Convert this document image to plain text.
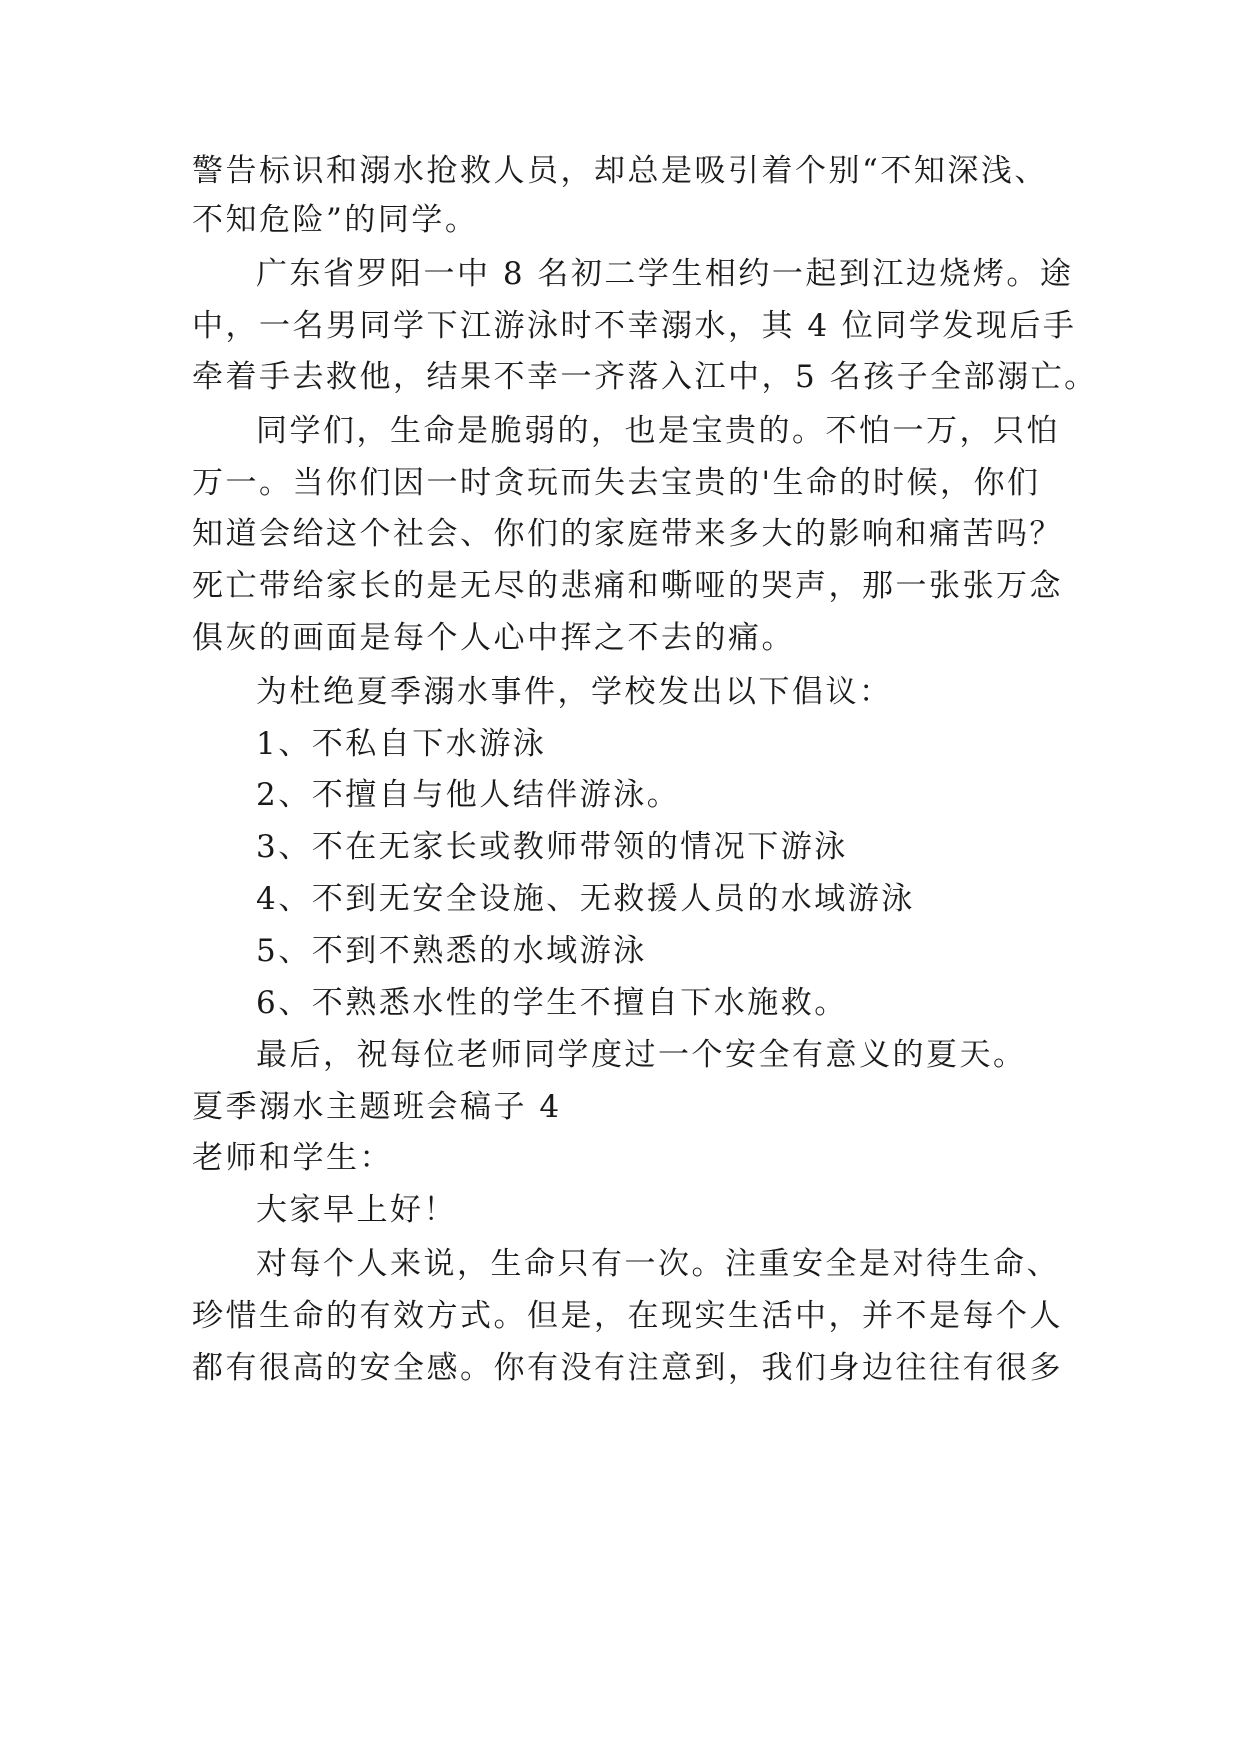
警告标识和溺水抢救人员，却总是吸引着个别“不知深浅、
不知危险”的同学。
广东省罗阳一中 8 名初二学生相约一起到江边烧烤。途
中，一名男同学下江游泳时不幸溺水，其 4 位同学发现后手
牵着手去救他，结果不幸一齐落入江中，5 名孩子全部溺亡。
同学们，生命是脆弱的，也是宝贵的。不怕一万，只怕
万一。当你们因一时贪玩而失去宝贵的'生命的时候，你们
知道会给这个社会、你们的家庭带来多大的影响和痛苦吗？
死亡带给家长的是无尽的悲痛和嘶哑的哭声，那一张张万念
俱灰的画面是每个人心中挥之不去的痛。
为杜绝夏季溺水事件，学校发出以下倡议：
1、不私自下水游泳
2、不擅自与他人结伴游泳。
3、不在无家长或教师带领的情况下游泳
4、不到无安全设施、无救援人员的水域游泳
5、不到不熟悉的水域游泳
6、不熟悉水性的学生不擅自下水施救。
最后，祝每位老师同学度过一个安全有意义的夏天。
夏季溺水主题班会稿子 4
老师和学生：
大家早上好！
对每个人来说，生命只有一次。注重安全是对待生命、
珍惜生命的有效方式。但是，在现实生活中，并不是每个人
都有很高的安全感。你有没有注意到，我们身边往往有很多
